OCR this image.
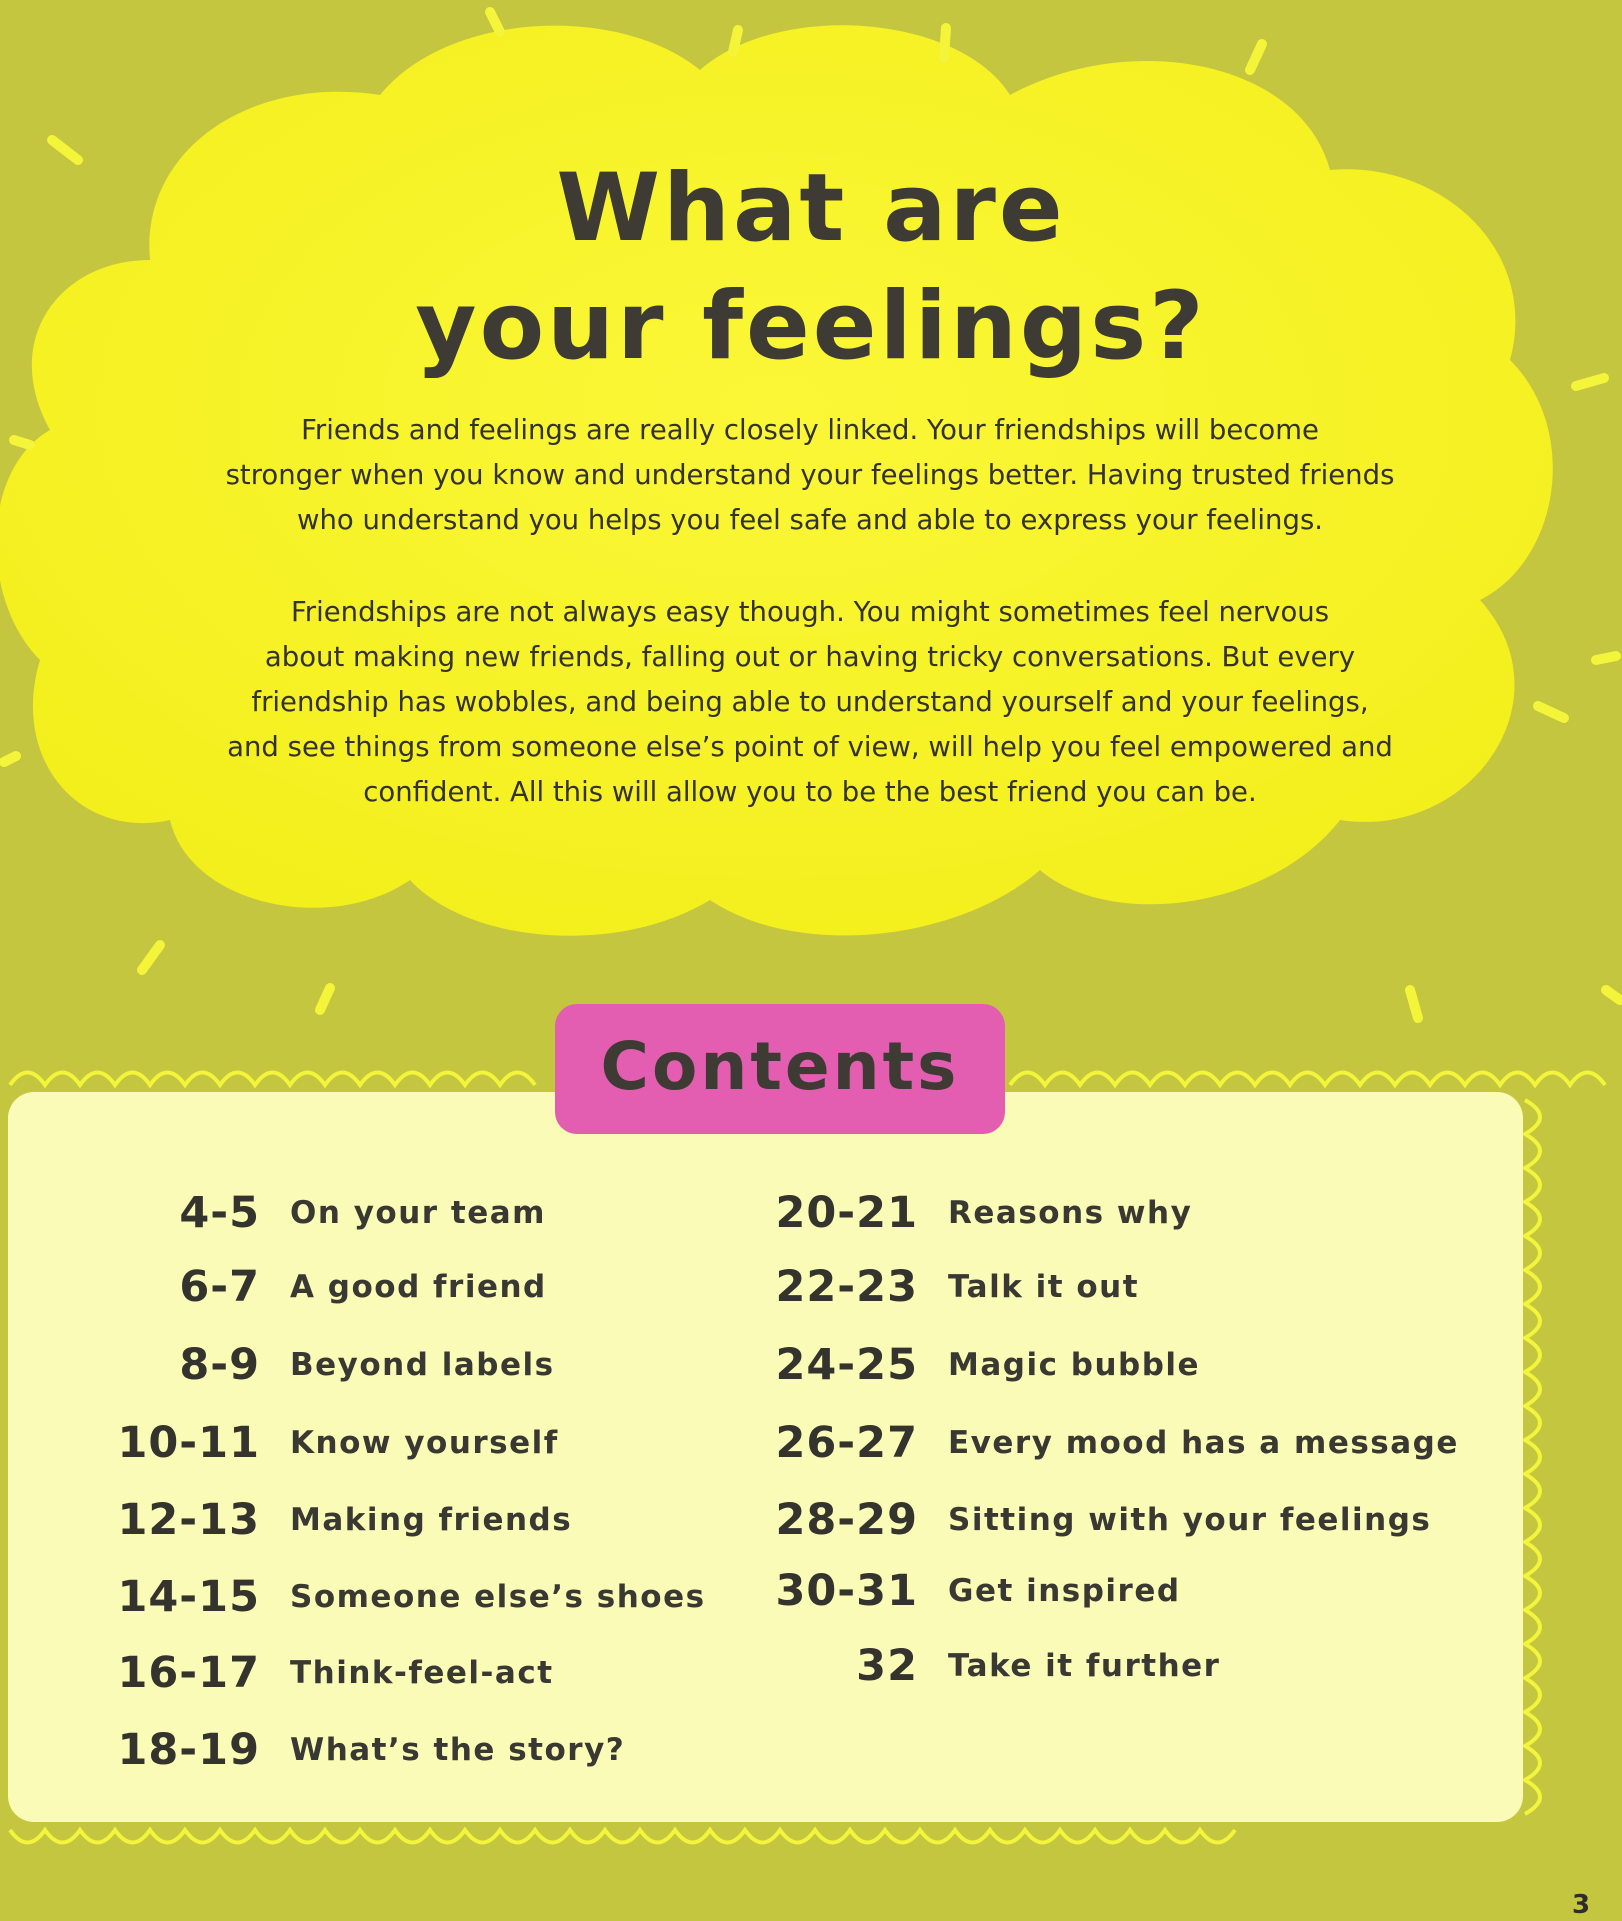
What are
your feelings?

Friends and feelings are really closely linked. Your friendships will become
stronger when you know and understand your feelings better. Having trusted friends
who understand you helps you feel safe and able to express your feelings.

Friendships are not always easy though. You might sometimes feel nervous
about making new friends, falling out or having tricky conversations. But every
friendship has wobbles, and being able to understand yourself and your feelings,
and see things from someone else’s point of view, will help you feel empowered and
confident. All this will allow you to be the best friend you can be.

Contents
4-5 On your team
6-7 A good friend
8-9 Beyond labels
10-11 Know yourself
12-13 Making friends
14-15 Someone else’s shoes
16-17 Think-feel-act
18-19 What’s the story?
20-21 Reasons why
22-23 Talk it out
24-25 Magic bubble
26-27 Every mood has a message
28-29 Sitting with your feelings
30-31 Get inspired
32 Take it further
3
